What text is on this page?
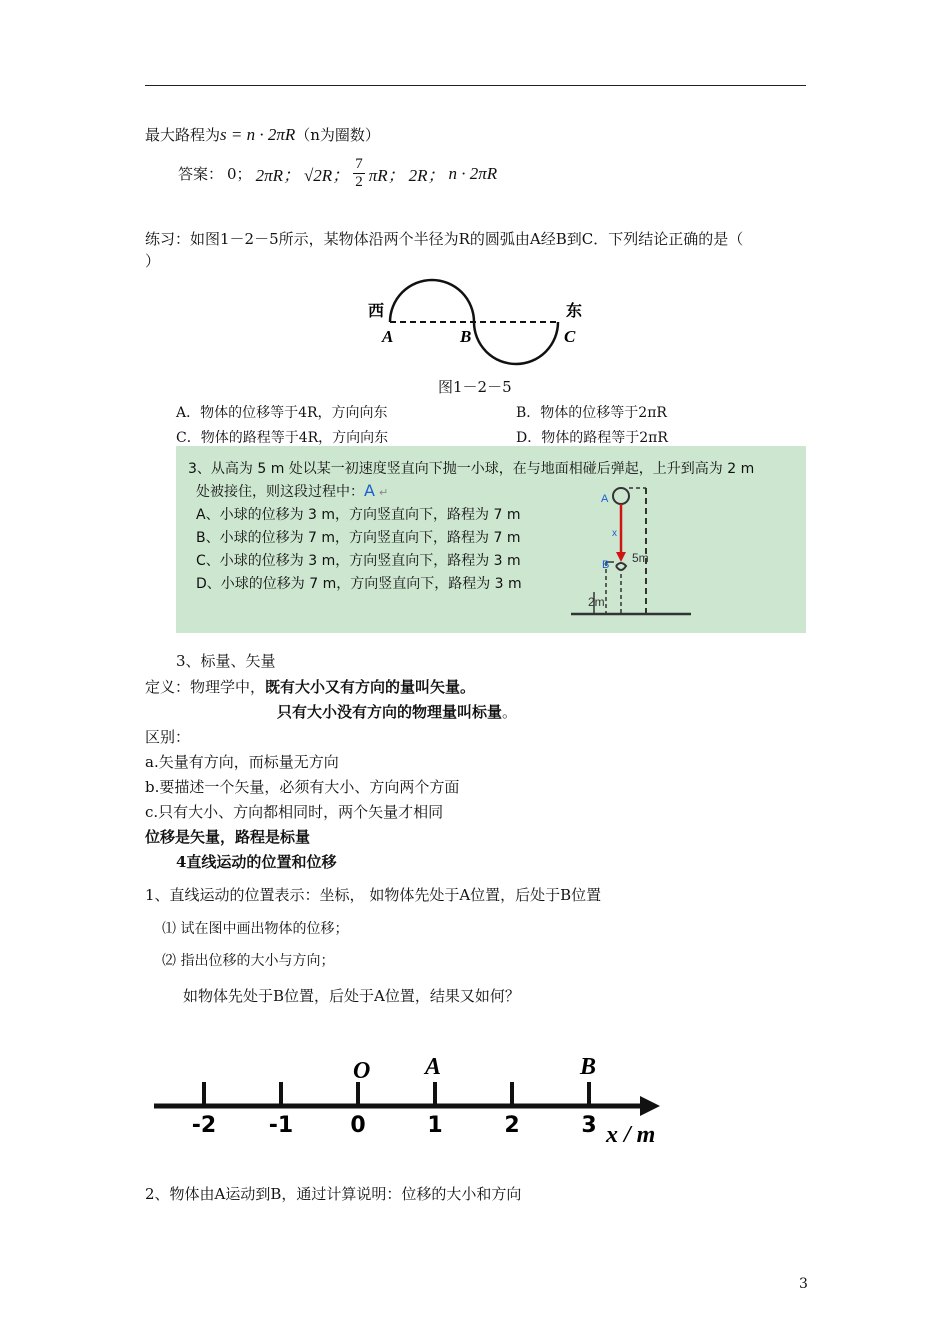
最大路程为s = n · 2πR（n为圈数）
答案： 0； 2πR； √2R； $\frac{7}{2}$ πR； 2R； n · 2πR
练习：如图1－2－5所示，某物体沿两个半径为R的圆弧由A经B到C．下列结论正确的是（
）
西	东
A	B	C
图1－2－5
A．物体的位移等于4R，方向向东	B．物体的位移等于2πR
C．物体的路程等于4R，方向向东	D．物体的路程等于2πR
3、从高为 5 m 处以某一初速度竖直向下抛一小球，在与地面相碰后弹起，上升到高为 2 m
处被接住，则这段过程中：A ↵
A、小球的位移为 3 m，方向竖直向下，路程为 7 m
B、小球的位移为 7 m，方向竖直向下，路程为 7 m
C、小球的位移为 3 m，方向竖直向下，路程为 3 m
D、小球的位移为 7 m，方向竖直向下，路程为 3 m
A
B
x
5m
2m
3、标量、矢量
定义：物理学中，既有大小又有方向的量叫矢量。
只有大小没有方向的物理量叫标量。
区别：
a.矢量有方向，而标量无方向
b.要描述一个矢量，必须有大小、方向两个方面
c.只有大小、方向都相同时，两个矢量才相同
位移是矢量，路程是标量
4直线运动的位置和位移
1、直线运动的位置表示：坐标， 如物体先处于A位置，后处于B位置
⑴ 试在图中画出物体的位移；
⑵ 指出位移的大小与方向；
如物体先处于B位置，后处于A位置，结果又如何？
-2 -1	0	1	2	3
O A	B
x / m
2、物体由A运动到B，通过计算说明：位移的大小和方向
3
